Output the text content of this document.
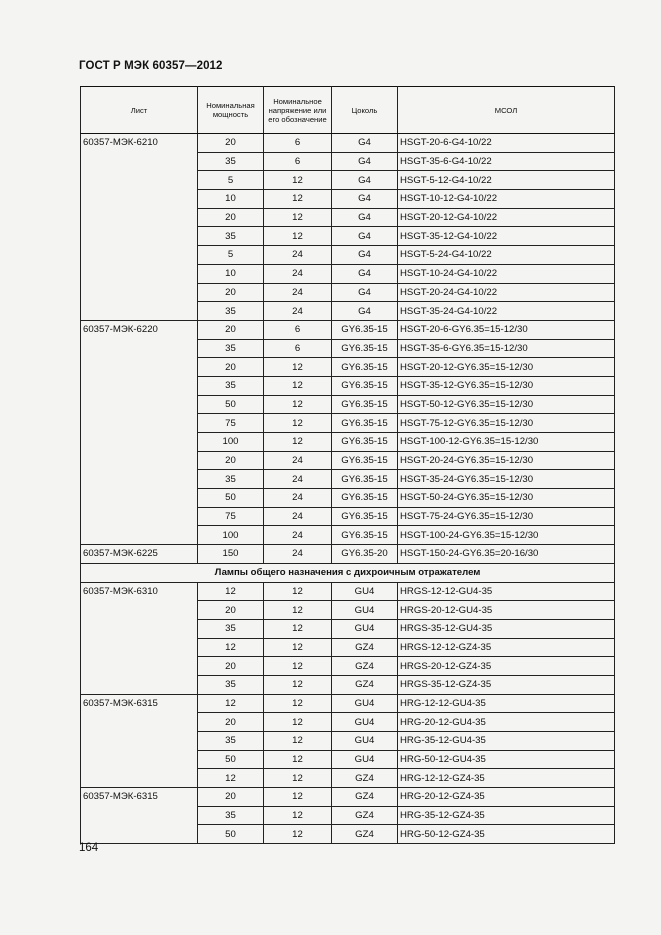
ГОСТ Р МЭК 60357—2012
Лист	Номинальная мощность	Номинальное напряжение или его обозначение	Цоколь	МСОЛ
60357-МЭК-6210	20	6	G4	HSGT-20-6-G4-10/22
	35	6	G4	HSGT-35-6-G4-10/22
	5	12	G4	HSGT-5-12-G4-10/22
	10	12	G4	HSGT-10-12-G4-10/22
	20	12	G4	HSGT-20-12-G4-10/22
	35	12	G4	HSGT-35-12-G4-10/22
	5	24	G4	HSGT-5-24-G4-10/22
	10	24	G4	HSGT-10-24-G4-10/22
	20	24	G4	HSGT-20-24-G4-10/22
	35	24	G4	HSGT-35-24-G4-10/22
60357-МЭК-6220	20	6	GY6.35-15	HSGT-20-6-GY6.35=15-12/30
	35	6	GY6.35-15	HSGT-35-6-GY6.35=15-12/30
	20	12	GY6.35-15	HSGT-20-12-GY6.35=15-12/30
	35	12	GY6.35-15	HSGT-35-12-GY6.35=15-12/30
	50	12	GY6.35-15	HSGT-50-12-GY6.35=15-12/30
	75	12	GY6.35-15	HSGT-75-12-GY6.35=15-12/30
	100	12	GY6.35-15	HSGT-100-12-GY6.35=15-12/30
	20	24	GY6.35-15	HSGT-20-24-GY6.35=15-12/30
	35	24	GY6.35-15	HSGT-35-24-GY6.35=15-12/30
	50	24	GY6.35-15	HSGT-50-24-GY6.35=15-12/30
	75	24	GY6.35-15	HSGT-75-24-GY6.35=15-12/30
	100	24	GY6.35-15	HSGT-100-24-GY6.35=15-12/30
60357-МЭК-6225	150	24	GY6.35-20	HSGT-150-24-GY6.35=20-16/30
Лампы общего назначения с дихроичным отражателем				
60357-МЭК-6310	12	12	GU4	HRGS-12-12-GU4-35
	20	12	GU4	HRGS-20-12-GU4-35
	35	12	GU4	HRGS-35-12-GU4-35
	12	12	GZ4	HRGS-12-12-GZ4-35
	20	12	GZ4	HRGS-20-12-GZ4-35
	35	12	GZ4	HRGS-35-12-GZ4-35
60357-МЭК-6315	12	12	GU4	HRG-12-12-GU4-35
	20	12	GU4	HRG-20-12-GU4-35
	35	12	GU4	HRG-35-12-GU4-35
	50	12	GU4	HRG-50-12-GU4-35
	12	12	GZ4	HRG-12-12-GZ4-35
60357-МЭК-6315	20	12	GZ4	HRG-20-12-GZ4-35
	35	12	GZ4	HRG-35-12-GZ4-35
	50	12	GZ4	HRG-50-12-GZ4-35
164
